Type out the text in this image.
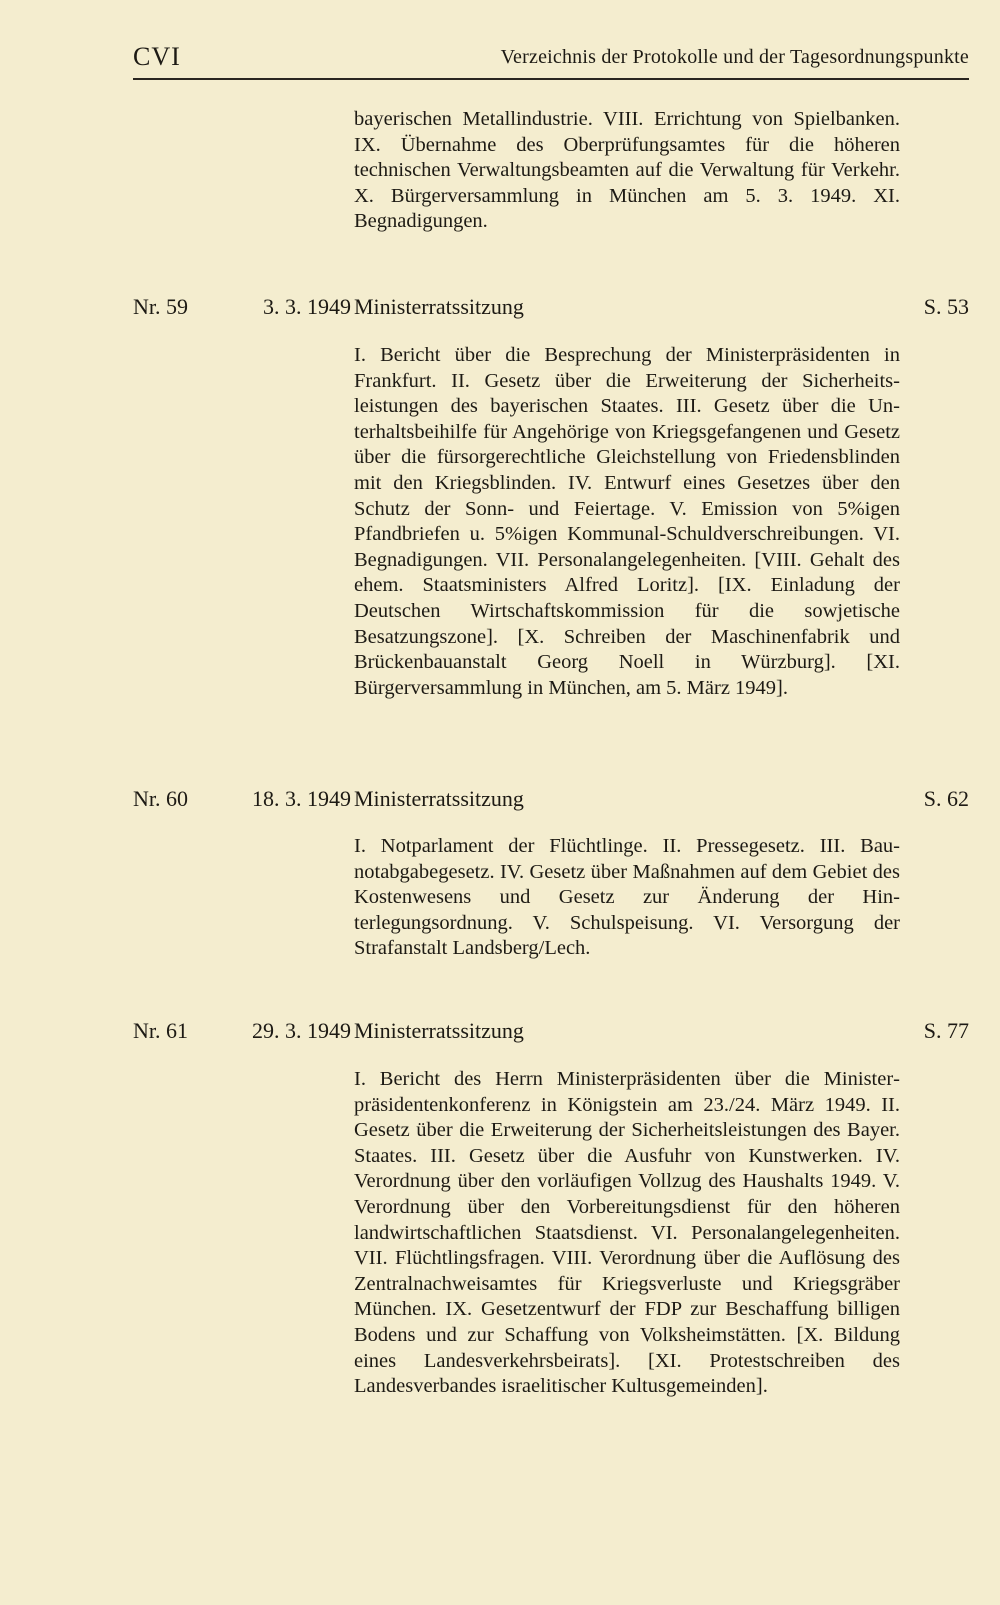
CVI	Verzeichnis der Protokolle und der Tagesordnungspunkte
bayerischen Metallindustrie. VIII. Errichtung von Spielbanken. IX. Übernahme des Oberprüfungsamtes für die höheren technischen Verwaltungsbeamten auf die Verwaltung für Verkehr. X. Bürgerversammlung in München am 5. 3. 1949. XI. Begnadigungen.
Nr. 59	3. 3. 1949 Ministerratssitzung	S. 53
I. Bericht über die Besprechung der Ministerpräsidenten in Frankfurt. II. Gesetz über die Erweiterung der Sicherheitsleistungen des bayerischen Staates. III. Gesetz über die Unterhaltsbeihilfe für Angehörige von Kriegsgefangenen und Gesetz über die fürsorgerechtliche Gleichstellung von Friedensblinden mit den Kriegsblinden. IV. Entwurf eines Gesetzes über den Schutz der Sonn- und Feiertage. V. Emission von 5%igen Pfandbriefen u. 5%igen Kommunal-Schuldverschreibungen. VI. Begnadigungen. VII. Personalangelegenheiten. [VIII. Gehalt des ehem. Staatsministers Alfred Loritz]. [IX. Einladung der Deutschen Wirtschaftskommission für die sowjetische Besatzungszone]. [X. Schreiben der Maschinenfabrik und Brückenbauanstalt Georg Noell in Würzburg]. [XI. Bürgerversammlung in München, am 5. März 1949].
Nr. 60	18. 3. 1949 Ministerratssitzung	S. 62
I. Notparlament der Flüchtlinge. II. Pressegesetz. III. Baunotabgabegesetz. IV. Gesetz über Maßnahmen auf dem Gebiet des Kostenwesens und Gesetz zur Änderung der Hinterlegungsordnung. V. Schulspeisung. VI. Versorgung der Strafanstalt Landsberg/Lech.
Nr. 61	29. 3. 1949 Ministerratssitzung	S. 77
I. Bericht des Herrn Ministerpräsidenten über die Ministerpräsidentenkonferenz in Königstein am 23./24. März 1949. II. Gesetz über die Erweiterung der Sicherheitsleistungen des Bayer. Staates. III. Gesetz über die Ausfuhr von Kunstwerken. IV. Verordnung über den vorläufigen Vollzug des Haushalts 1949. V. Verordnung über den Vorbereitungsdienst für den höheren landwirtschaftlichen Staatsdienst. VI. Personalangelegenheiten. VII. Flüchtlingsfragen. VIII. Verordnung über die Auflösung des Zentralnachweisamtes für Kriegsverluste und Kriegsgräber München. IX. Gesetzentwurf der FDP zur Beschaffung billigen Bodens und zur Schaffung von Volksheimstätten. [X. Bildung eines Landesverkehrsbeirats]. [XI. Protestschreiben des Landesverbandes israelitischer Kultusgemeinden].
